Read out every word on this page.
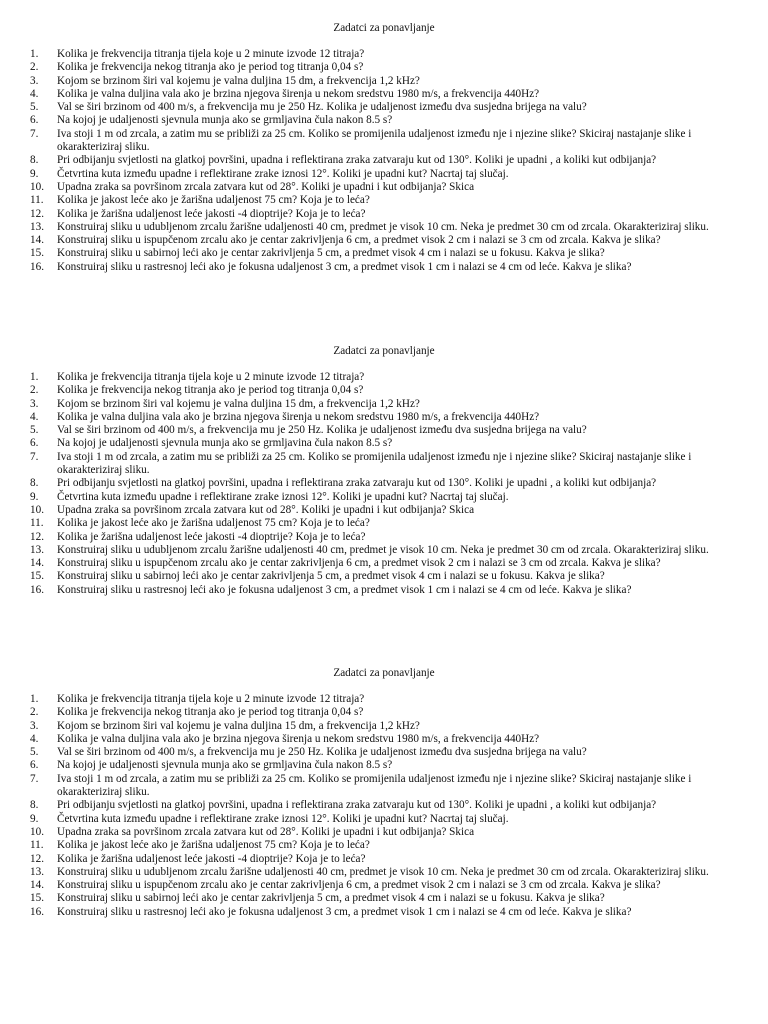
Zadatci za ponavljanje
1.	Kolika je frekvencija titranja tijela koje u 2 minute izvode 12 titraja?
2.	Kolika je frekvencija nekog titranja ako je period tog titranja 0,04 s?
3.	Kojom se brzinom širi val kojemu je valna duljina 15 dm, a frekvencija 1,2 kHz?
4.	Kolika je valna duljina vala ako je brzina njegova širenja u nekom sredstvu 1980 m/s, a frekvencija 440Hz?
5.	Val se širi brzinom od 400 m/s, a frekvencija mu je 250 Hz. Kolika je udaljenost između dva susjedna brijega na valu?
6.	Na kojoj je udaljenosti sjevnula munja ako se grmljavina čula nakon 8.5 s?
7.	Iva stoji 1 m od zrcala, a zatim mu se približi za 25 cm. Koliko se promijenila udaljenost između nje i njezine slike? Skiciraj nastajanje slike i okarakteriziraj sliku.
8.	Pri odbijanju svjetlosti na glatkoj površini, upadna i reflektirana zraka zatvaraju kut od 130°. Koliki je upadni , a koliki kut odbijanja?
9.	Četvrtina kuta između upadne i reflektirane zrake iznosi 12°. Koliki je upadni kut? Nacrtaj taj slučaj.
10.	Upadna zraka sa površinom zrcala zatvara kut od 28°. Koliki je upadni i kut odbijanja? Skica
11.	Kolika je jakost leće ako je žarišna udaljenost 75 cm? Koja je to leća?
12.	Kolika je žarišna udaljenost leće jakosti -4 dioptrije? Koja je to leća?
13.	Konstruiraj sliku u udubljenom zrcalu žarišne udaljenosti 40 cm, predmet je visok 10 cm. Neka je predmet 30 cm od zrcala. Okarakteriziraj sliku.
14.	Konstruiraj sliku u ispupčenom zrcalu ako je centar zakrivljenja 6 cm, a predmet visok 2 cm i nalazi se 3 cm od zrcala. Kakva je slika?
15.	Konstruiraj sliku u sabirnoj leći ako je centar zakrivljenja 5 cm, a predmet visok 4 cm i nalazi se u fokusu. Kakva je slika?
16.	Konstruiraj sliku u rastresnoj leći ako je fokusna udaljenost 3 cm, a predmet visok 1 cm i nalazi se 4 cm od leće. Kakva je slika?
Zadatci za ponavljanje
1.	Kolika je frekvencija titranja tijela koje u 2 minute izvode 12 titraja?
2.	Kolika je frekvencija nekog titranja ako je period tog titranja 0,04 s?
3.	Kojom se brzinom širi val kojemu je valna duljina 15 dm, a frekvencija 1,2 kHz?
4.	Kolika je valna duljina vala ako je brzina njegova širenja u nekom sredstvu 1980 m/s, a frekvencija 440Hz?
5.	Val se širi brzinom od 400 m/s, a frekvencija mu je 250 Hz. Kolika je udaljenost između dva susjedna brijega na valu?
6.	Na kojoj je udaljenosti sjevnula munja ako se grmljavina čula nakon 8.5 s?
7.	Iva stoji 1 m od zrcala, a zatim mu se približi za 25 cm. Koliko se promijenila udaljenost između nje i njezine slike? Skiciraj nastajanje slike i okarakteriziraj sliku.
8.	Pri odbijanju svjetlosti na glatkoj površini, upadna i reflektirana zraka zatvaraju kut od 130°. Koliki je upadni , a koliki kut odbijanja?
9.	Četvrtina kuta između upadne i reflektirane zrake iznosi 12°. Koliki je upadni kut? Nacrtaj taj slučaj.
10.	Upadna zraka sa površinom zrcala zatvara kut od 28°. Koliki je upadni i kut odbijanja? Skica
11.	Kolika je jakost leće ako je žarišna udaljenost 75 cm? Koja je to leća?
12.	Kolika je žarišna udaljenost leće jakosti -4 dioptrije? Koja je to leća?
13.	Konstruiraj sliku u udubljenom zrcalu žarišne udaljenosti 40 cm, predmet je visok 10 cm. Neka je predmet 30 cm od zrcala. Okarakteriziraj sliku.
14.	Konstruiraj sliku u ispupčenom zrcalu ako je centar zakrivljenja 6 cm, a predmet visok 2 cm i nalazi se 3 cm od zrcala. Kakva je slika?
15.	Konstruiraj sliku u sabirnoj leći ako je centar zakrivljenja 5 cm, a predmet visok 4 cm i nalazi se u fokusu. Kakva je slika?
16.	Konstruiraj sliku u rastresnoj leći ako je fokusna udaljenost 3 cm, a predmet visok 1 cm i nalazi se 4 cm od leće. Kakva je slika?
Zadatci za ponavljanje
1.	Kolika je frekvencija titranja tijela koje u 2 minute izvode 12 titraja?
2.	Kolika je frekvencija nekog titranja ako je period tog titranja 0,04 s?
3.	Kojom se brzinom širi val kojemu je valna duljina 15 dm, a frekvencija 1,2 kHz?
4.	Kolika je valna duljina vala ako je brzina njegova širenja u nekom sredstvu 1980 m/s, a frekvencija 440Hz?
5.	Val se širi brzinom od 400 m/s, a frekvencija mu je 250 Hz. Kolika je udaljenost između dva susjedna brijega na valu?
6.	Na kojoj je udaljenosti sjevnula munja ako se grmljavina čula nakon 8.5 s?
7.	Iva stoji 1 m od zrcala, a zatim mu se približi za 25 cm. Koliko se promijenila udaljenost između nje i njezine slike? Skiciraj nastajanje slike i okarakteriziraj sliku.
8.	Pri odbijanju svjetlosti na glatkoj površini, upadna i reflektirana zraka zatvaraju kut od 130°. Koliki je upadni , a koliki kut odbijanja?
9.	Četvrtina kuta između upadne i reflektirane zrake iznosi 12°. Koliki je upadni kut? Nacrtaj taj slučaj.
10.	Upadna zraka sa površinom zrcala zatvara kut od 28°. Koliki je upadni i kut odbijanja? Skica
11.	Kolika je jakost leće ako je žarišna udaljenost 75 cm? Koja je to leća?
12.	Kolika je žarišna udaljenost leće jakosti -4 dioptrije? Koja je to leća?
13.	Konstruiraj sliku u udubljenom zrcalu žarišne udaljenosti 40 cm, predmet je visok 10 cm. Neka je predmet 30 cm od zrcala. Okarakteriziraj sliku.
14.	Konstruiraj sliku u ispupčenom zrcalu ako je centar zakrivljenja 6 cm, a predmet visok 2 cm i nalazi se 3 cm od zrcala. Kakva je slika?
15.	Konstruiraj sliku u sabirnoj leći ako je centar zakrivljenja 5 cm, a predmet visok 4 cm i nalazi se u fokusu. Kakva je slika?
16.	Konstruiraj sliku u rastresnoj leći ako je fokusna udaljenost 3 cm, a predmet visok 1 cm i nalazi se 4 cm od leće. Kakva je slika?
